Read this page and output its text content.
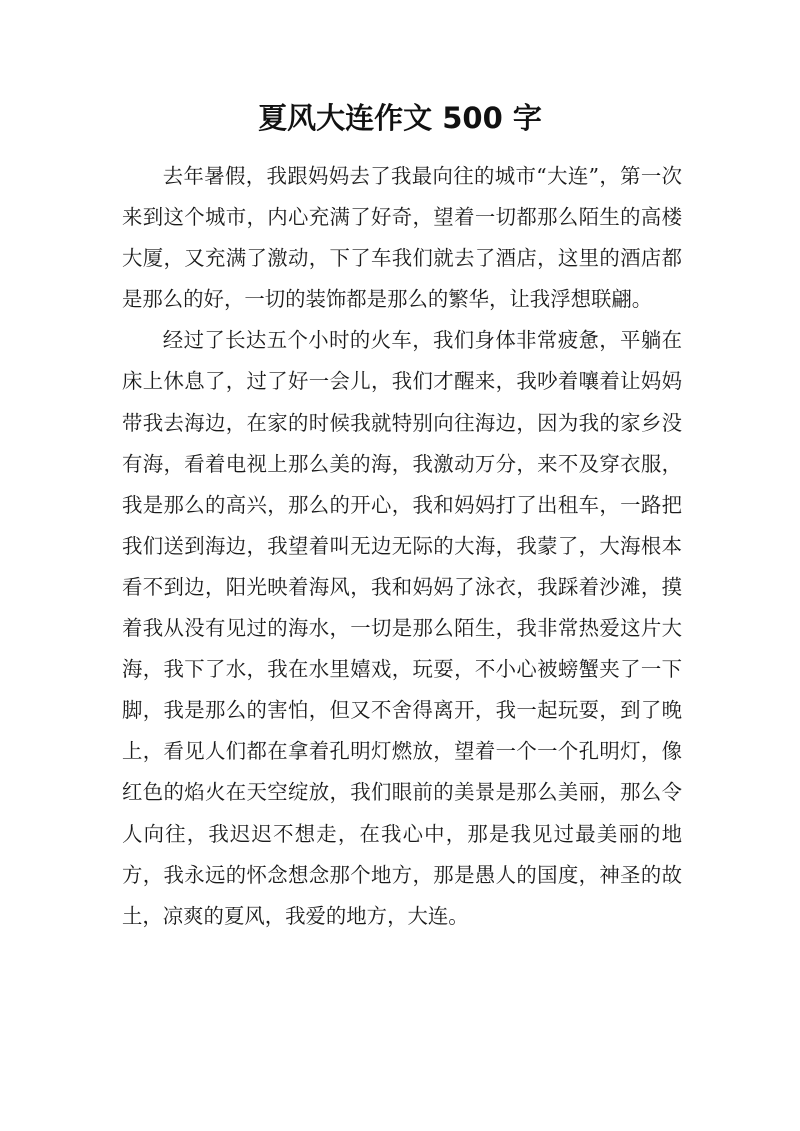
夏风大连作文 500 字

去年暑假，我跟妈妈去了我最向往的城市“大连”，第一次来到这个城市，内心充满了好奇，望着一切都那么陌生的高楼大厦，又充满了激动，下了车我们就去了酒店，这里的酒店都是那么的好，一切的装饰都是那么的繁华，让我浮想联翩。

经过了长达五个小时的火车，我们身体非常疲惫，平躺在床上休息了，过了好一会儿，我们才醒来，我吵着嚷着让妈妈带我去海边，在家的时候我就特别向往海边，因为我的家乡没有海，看着电视上那么美的海，我激动万分，来不及穿衣服，我是那么的高兴，那么的开心，我和妈妈打了出租车，一路把我们送到海边，我望着叫无边无际的大海，我蒙了，大海根本看不到边，阳光映着海风，我和妈妈了泳衣，我踩着沙滩，摸着我从没有见过的海水，一切是那么陌生，我非常热爱这片大海，我下了水，我在水里嬉戏，玩耍，不小心被螃蟹夹了一下脚，我是那么的害怕，但又不舍得离开，我一起玩耍，到了晚上，看见人们都在拿着孔明灯燃放，望着一个一个孔明灯，像红色的焰火在天空绽放，我们眼前的美景是那么美丽，那么令人向往，我迟迟不想走，在我心中，那是我见过最美丽的地方，我永远的怀念想念那个地方，那是愚人的国度，神圣的故土，凉爽的夏风，我爱的地方，大连。
